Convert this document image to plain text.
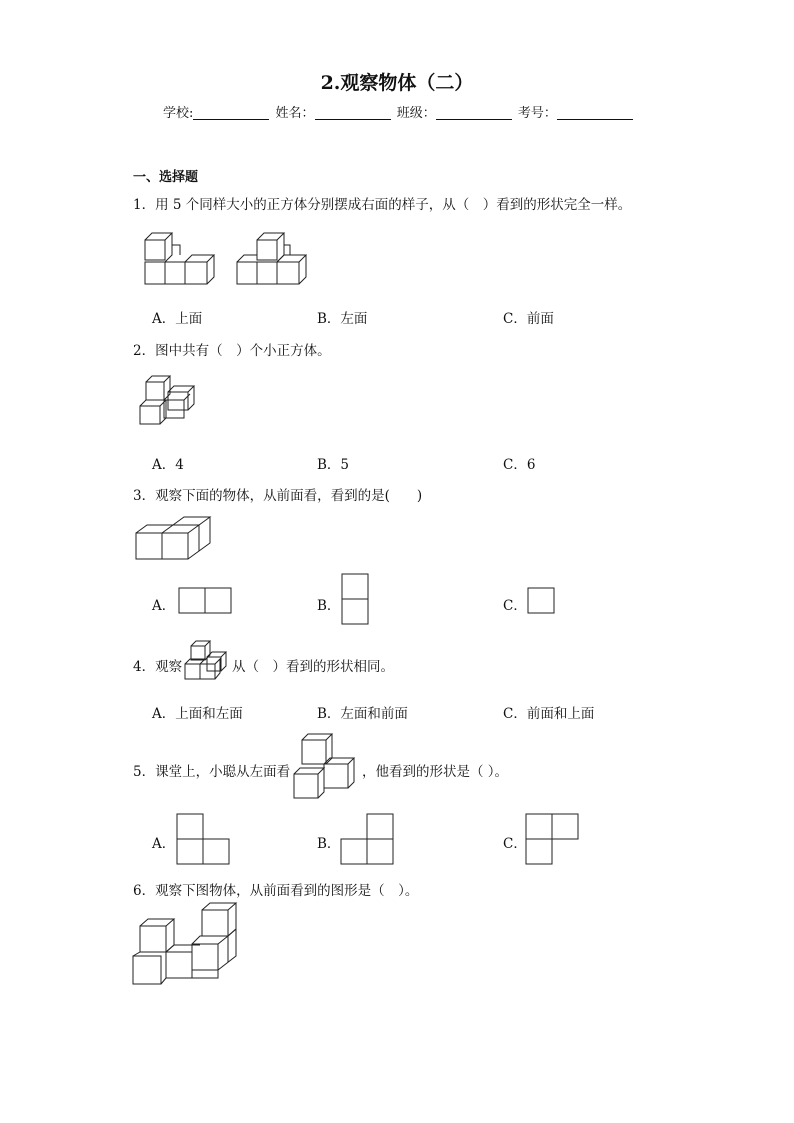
2.观察物体（二）
学校:	姓名：	班级：	考号：
一、选择题
1．用 5 个同样大小的正方体分别摆成右面的样子，从（　）看到的形状完全一样。
A．上面	B．左面	C．前面
2．图中共有（　）个小正方体。
A．4	B．5	C．6
3．观察下面的物体，从前面看，看到的是(　　)
A．	B．	C．
4．观察	从（　）看到的形状相同。
A．上面和左面	B．左面和前面	C．前面和上面
5．课堂上，小聪从左面看	，他看到的形状是（ ）。
A．	B．	C．
6．观察下图物体，从前面看到的图形是（　）。
